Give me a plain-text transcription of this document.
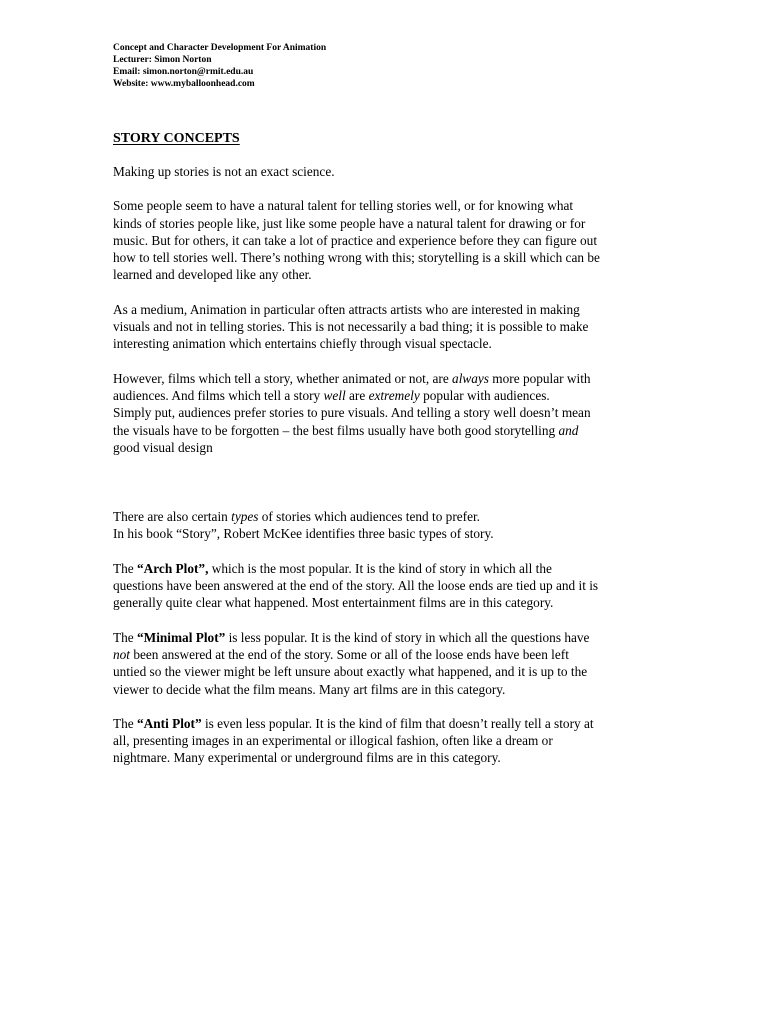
Concept and Character Development For Animation

Lecturer: Simon Norton

Email: simon.norton@rmit.edu.au

Website: www.myballoonhead.com

STORY CONCEPTS

Making up stories is not an exact science.

Some people seem to have a natural talent for telling stories well, or for knowing what
kinds of stories people like, just like some people have a natural talent for drawing or for
music. But for others, it can take a lot of practice and experience before they can figure out
how to tell stories well. There’s nothing wrong with this; storytelling is a skill which can be
learned and developed like any other.

As a medium, Animation in particular often attracts artists who are interested in making
visuals and not in telling stories. This is not necessarily a bad thing; it is possible to make
interesting animation which entertains chiefly through visual spectacle.

However, films which tell a story, whether animated or not, are always more popular with
audiences. And films which tell a story well are extremely popular with audiences.
Simply put, audiences prefer stories to pure visuals. And telling a story well doesn’t mean
the visuals have to be forgotten – the best films usually have both good storytelling and
good visual design

There are also certain types of stories which audiences tend to prefer.
In his book “Story”, Robert McKee identifies three basic types of story.

The “Arch Plot”, which is the most popular. It is the kind of story in which all the
questions have been answered at the end of the story. All the loose ends are tied up and it is
generally quite clear what happened. Most entertainment films are in this category.

The “Minimal Plot” is less popular. It is the kind of story in which all the questions have
not been answered at the end of the story. Some or all of the loose ends have been left
untied so the viewer might be left unsure about exactly what happened, and it is up to the
viewer to decide what the film means. Many art films are in this category.

The “Anti Plot” is even less popular. It is the kind of film that doesn’t really tell a story at
all, presenting images in an experimental or illogical fashion, often like a dream or
nightmare. Many experimental or underground films are in this category.
